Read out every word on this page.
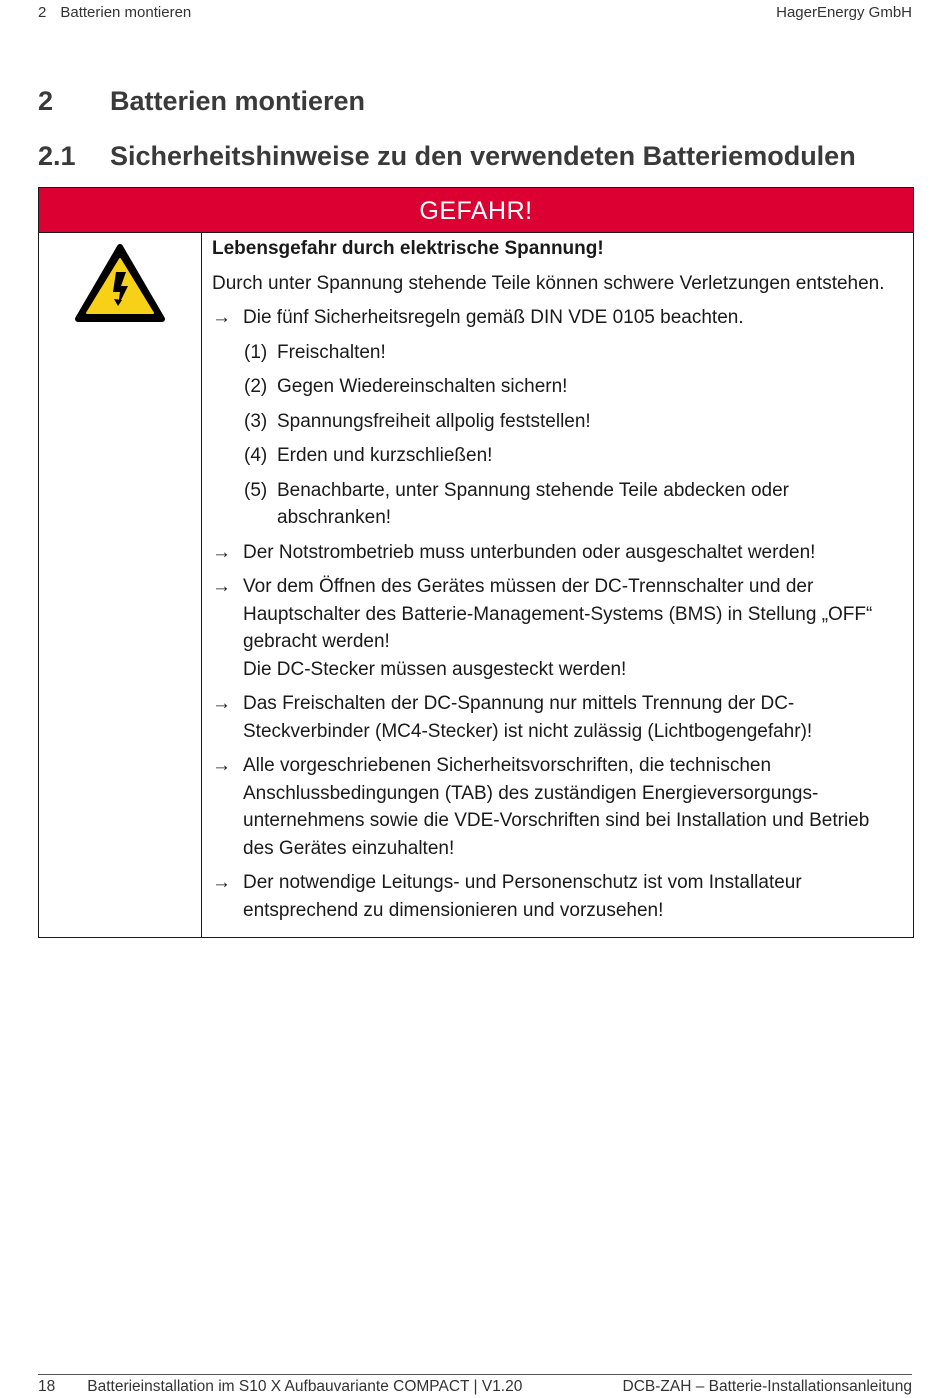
2 Batterien montieren	HagerEnergy GmbH
2 Batterien montieren
2.1 Sicherheitshinweise zu den verwendeten Batteriemodulen
GEFAHR!

Lebensgefahr durch elektrische Spannung!

Durch unter Spannung stehende Teile können schwere Verletzungen entstehen.

→ Die fünf Sicherheitsregeln gemäß DIN VDE 0105 beachten.
(1) Freischalten!
(2) Gegen Wiedereinschalten sichern!
(3) Spannungsfreiheit allpolig feststellen!
(4) Erden und kurzschließen!
(5) Benachbarte, unter Spannung stehende Teile abdecken oder abschranken!
→ Der Notstrombetrieb muss unterbunden oder ausgeschaltet werden!
→ Vor dem Öffnen des Gerätes müssen der DC-Trennschalter und der Hauptschalter des Batterie-Management-Systems (BMS) in Stellung „OFF“ gebracht werden!
Die DC-Stecker müssen ausgesteckt werden!
→ Das Freischalten der DC-Spannung nur mittels Trennung der DC-Steckverbinder (MC4-Stecker) ist nicht zulässig (Lichtbogengefahr)!
→ Alle vorgeschriebenen Sicherheitsvorschriften, die technischen Anschlussbedingungen (TAB) des zuständigen Energieversorgungs-unternehmens sowie die VDE-Vorschriften sind bei Installation und Betrieb des Gerätes einzuhalten!
→ Der notwendige Leitungs- und Personenschutz ist vom Installateur entsprechend zu dimensionieren und vorzusehen!
18 Batterieinstallation im S10 X Aufbauvariante COMPACT | V1.20	DCB-ZAH – Batterie-Installationsanleitung
